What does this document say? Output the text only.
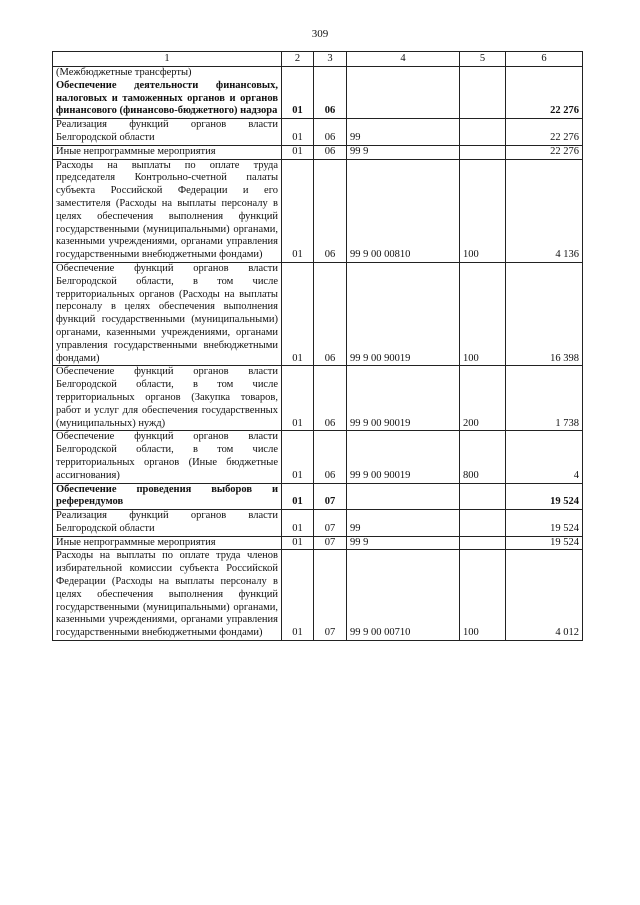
309
1	2	3	4	5	6

(Межбюджетные трансферты)
Обеспечение деятельности финансовых, налоговых и таможенных органов и органов финансового (финансово-бюджетного) надзора	01	06			22 276

Реализация функций органов власти Белгородской области	01	06	99		22 276

Иные непрограммные мероприятия	01	06	99 9		22 276

Расходы на выплаты по оплате труда председателя Контрольно-счетной палаты субъекта Российской Федерации и его заместителя (Расходы на выплаты персоналу в целях обеспечения выполнения функций государственными (муниципальными) органами, казенными учреждениями, органами управления государственными внебюджетными фондами)	01	06	99 9 00 00810	100	4 136

Обеспечение функций органов власти Белгородской области, в том числе территориальных органов (Расходы на выплаты персоналу в целях обеспечения выполнения функций государственными (муниципальными) органами, казенными учреждениями, органами управления государственными внебюджетными фондами)	01	06	99 9 00 90019	100	16 398

Обеспечение функций органов власти Белгородской области, в том числе территориальных органов (Закупка товаров, работ и услуг для обеспечения государственных (муниципальных) нужд)	01	06	99 9 00 90019	200	1 738

Обеспечение функций органов власти Белгородской области, в том числе территориальных органов (Иные бюджетные ассигнования)	01	06	99 9 00 90019	800	4

Обеспечение проведения выборов и референдумов	01	07			19 524

Реализация функций органов власти Белгородской области	01	07	99		19 524

Иные непрограммные мероприятия	01	07	99 9		19 524

Расходы на выплаты по оплате труда членов избирательной комиссии субъекта Российской Федерации (Расходы на выплаты персоналу в целях обеспечения выполнения функций государственными (муниципальными) органами, казенными учреждениями, органами управления государственными внебюджетными фондами)	01	07	99 9 00 00710	100	4 012
